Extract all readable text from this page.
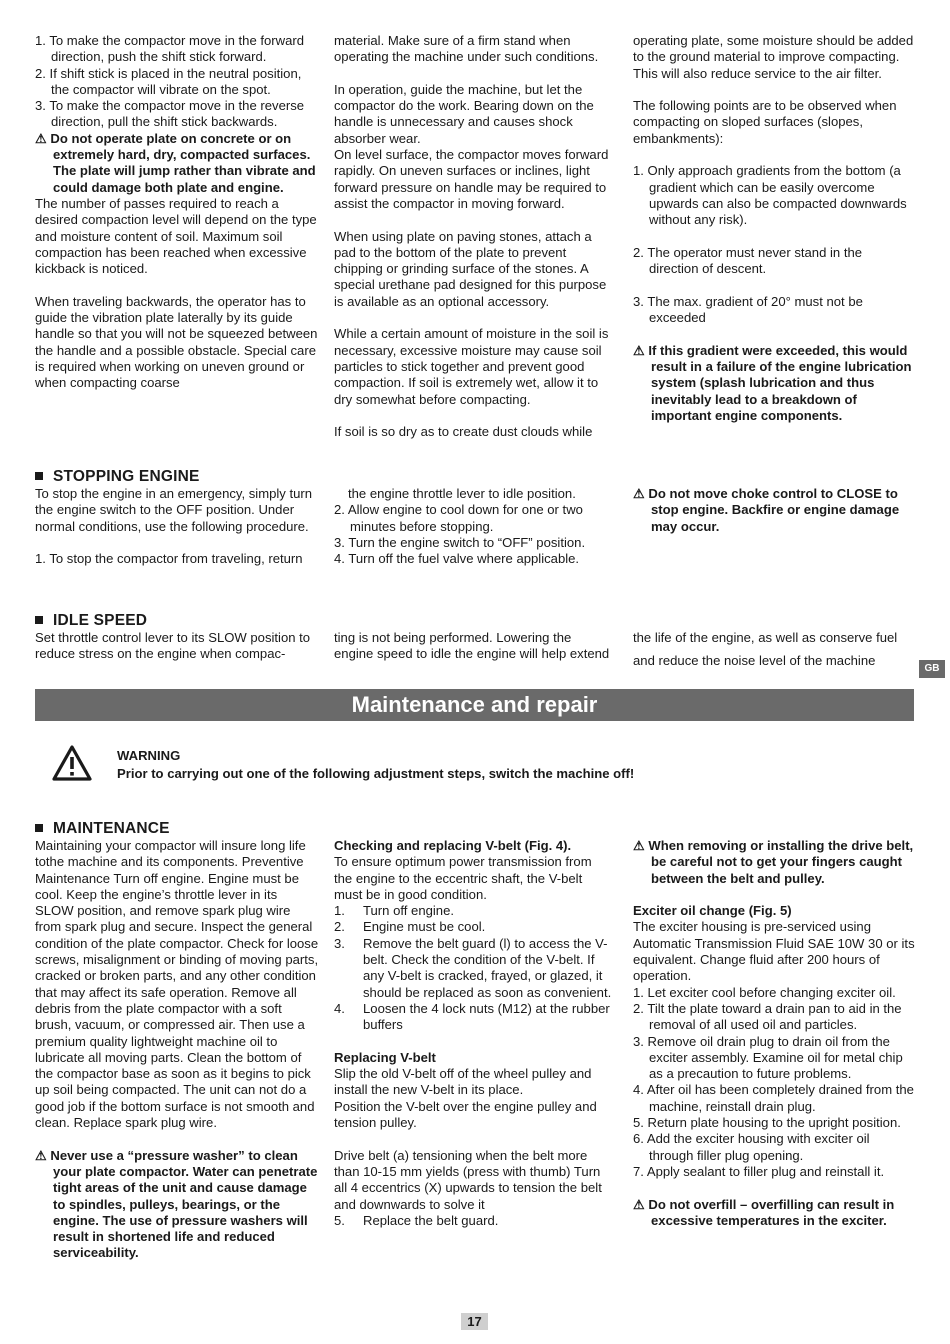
1. To make the compactor move in the forward direction, push the shift stick forward.

2. If shift stick is placed in the neutral position, the compactor will vibrate on the spot.

3. To make the compactor move in the reverse direction, pull the shift stick backwards.

⚠ Do not operate plate on concrete or on extremely hard, dry, compacted surfaces. The plate will jump rather than vibrate and could damage both plate and engine.

The number of passes required to reach a desired compaction level will depend on the type and moisture content of soil. Maximum soil compaction has been reached when excessive kickback is noticed.

When traveling backwards, the operator has to guide the vibration plate laterally by its guide handle so that you will not be squeezed between the handle and a possible obstacle. Special care is required when working on uneven ground or when compacting coarse

material. Make sure of a firm stand when operating the machine under such conditions.

In operation, guide the machine, but let the compactor do the work. Bearing down on the handle is unnecessary and causes shock absorber wear.

On level surface, the compactor moves forward rapidly. On uneven surfaces or inclines, light forward pressure on handle may be required to assist the compactor in moving forward.

When using plate on paving stones, attach a pad to the bottom of the plate to prevent chipping or grinding surface of the stones. A special urethane pad designed for this purpose is available as an optional accessory.

While a certain amount of moisture in the soil is necessary, excessive moisture may cause soil particles to stick together and prevent good compaction. If soil is extremely wet, allow it to dry somewhat before compacting.

If soil is so dry as to create dust clouds while

operating plate, some moisture should be added to the ground material to improve compacting. This will also reduce service to the air filter.

The following points are to be observed when compacting on sloped surfaces (slopes, embankments):

1. Only approach gradients from the bottom (a gradient which can be easily overcome upwards can also be compacted downwards without any risk).

2. The operator must never stand in the direction of descent.

3. The max. gradient of 20° must not be exceeded

⚠ If this gradient were exceeded, this would result in a failure of the engine lubrication system (splash lubrication and thus inevitably lead to a breakdown of important engine components.

STOPPING ENGINE

To stop the engine in an emergency, simply turn the engine switch to the OFF position. Under normal conditions, use the following procedure.

1. To stop the compactor from traveling, return

the engine throttle lever to idle position.

2. Allow engine to cool down for one or two minutes before stopping.

3. Turn the engine switch to “OFF” position.

4. Turn off the fuel valve where applicable.

⚠ Do not move choke control to CLOSE to stop engine. Backfire or engine damage may occur.

IDLE SPEED

Set throttle control lever to its SLOW position to reduce stress on the engine when compac-

ting is not being performed. Lowering the engine speed to idle the engine will help extend

the life of the engine, as well as conserve fuel

and reduce the noise level of the machine

GB
Maintenance and repair
WARNING
Prior to carrying out one of the following adjustment steps, switch the machine off!
MAINTENANCE

Maintaining your compactor will insure long life tothe machine and its components. Preventive Maintenance Turn off engine. Engine must be cool. Keep the engine’s throttle lever in its SLOW position, and remove spark plug wire from spark plug and secure. Inspect the general condition of the plate compactor. Check for loose screws, misalignment or binding of moving parts, cracked or broken parts, and any other condition that may affect its safe operation. Remove all debris from the plate compactor with a soft brush, vacuum, or compressed air. Then use a premium quality lightweight machine oil to lubricate all moving parts. Clean the bottom of the compactor base as soon as it begins to pick up soil being compacted. The unit can not do a good job if the bottom surface is not smooth and clean. Replace spark plug wire.

⚠ Never use a “pressure washer” to clean your plate compactor. Water can penetrate tight areas of the unit and cause damage to spindles, pulleys, bearings, or the engine. The use of pressure washers will result in shortened life and reduced serviceability.

Checking and replacing V-belt (Fig. 4).

To ensure optimum power transmission from the engine to the eccentric shaft, the V-belt must be in good condition.

1. Turn off engine.

2. Engine must be cool.

3. Remove the belt guard (l) to access the V-belt. Check the condition of the V-belt. If any V-belt is cracked, frayed, or glazed, it should be replaced as soon as convenient.

4. Loosen the 4 lock nuts (M12) at the rubber buffers

Replacing V-belt

Slip the old V-belt off of the wheel pulley and install the new V-belt in its place.

Position the V-belt over the engine pulley and tension pulley.

Drive belt (a) tensioning when the belt more than 10-15 mm yields (press with thumb) Turn all 4 eccentrics (X) upwards to tension the belt and downwards to solve it

5. Replace the belt guard.

⚠ When removing or installing the drive belt, be careful not to get your fingers caught between the belt and pulley.

Exciter oil change (Fig. 5)

The exciter housing is pre-serviced using Automatic Transmission Fluid SAE 10W 30 or its equivalent. Change fluid after 200 hours of operation.

1. Let exciter cool before changing exciter oil.

2. Tilt the plate toward a drain pan to aid in the removal of all used oil and particles.

3. Remove oil drain plug to drain oil from the exciter assembly. Examine oil for metal chip as a precaution to future problems.

4. After oil has been completely drained from the machine, reinstall drain plug.

5. Return plate housing to the upright position.

6. Add the exciter housing with exciter oil through filler plug opening.

7. Apply sealant to filler plug and reinstall it.

⚠ Do not overfill – overfilling can result in excessive temperatures in the exciter.

17
